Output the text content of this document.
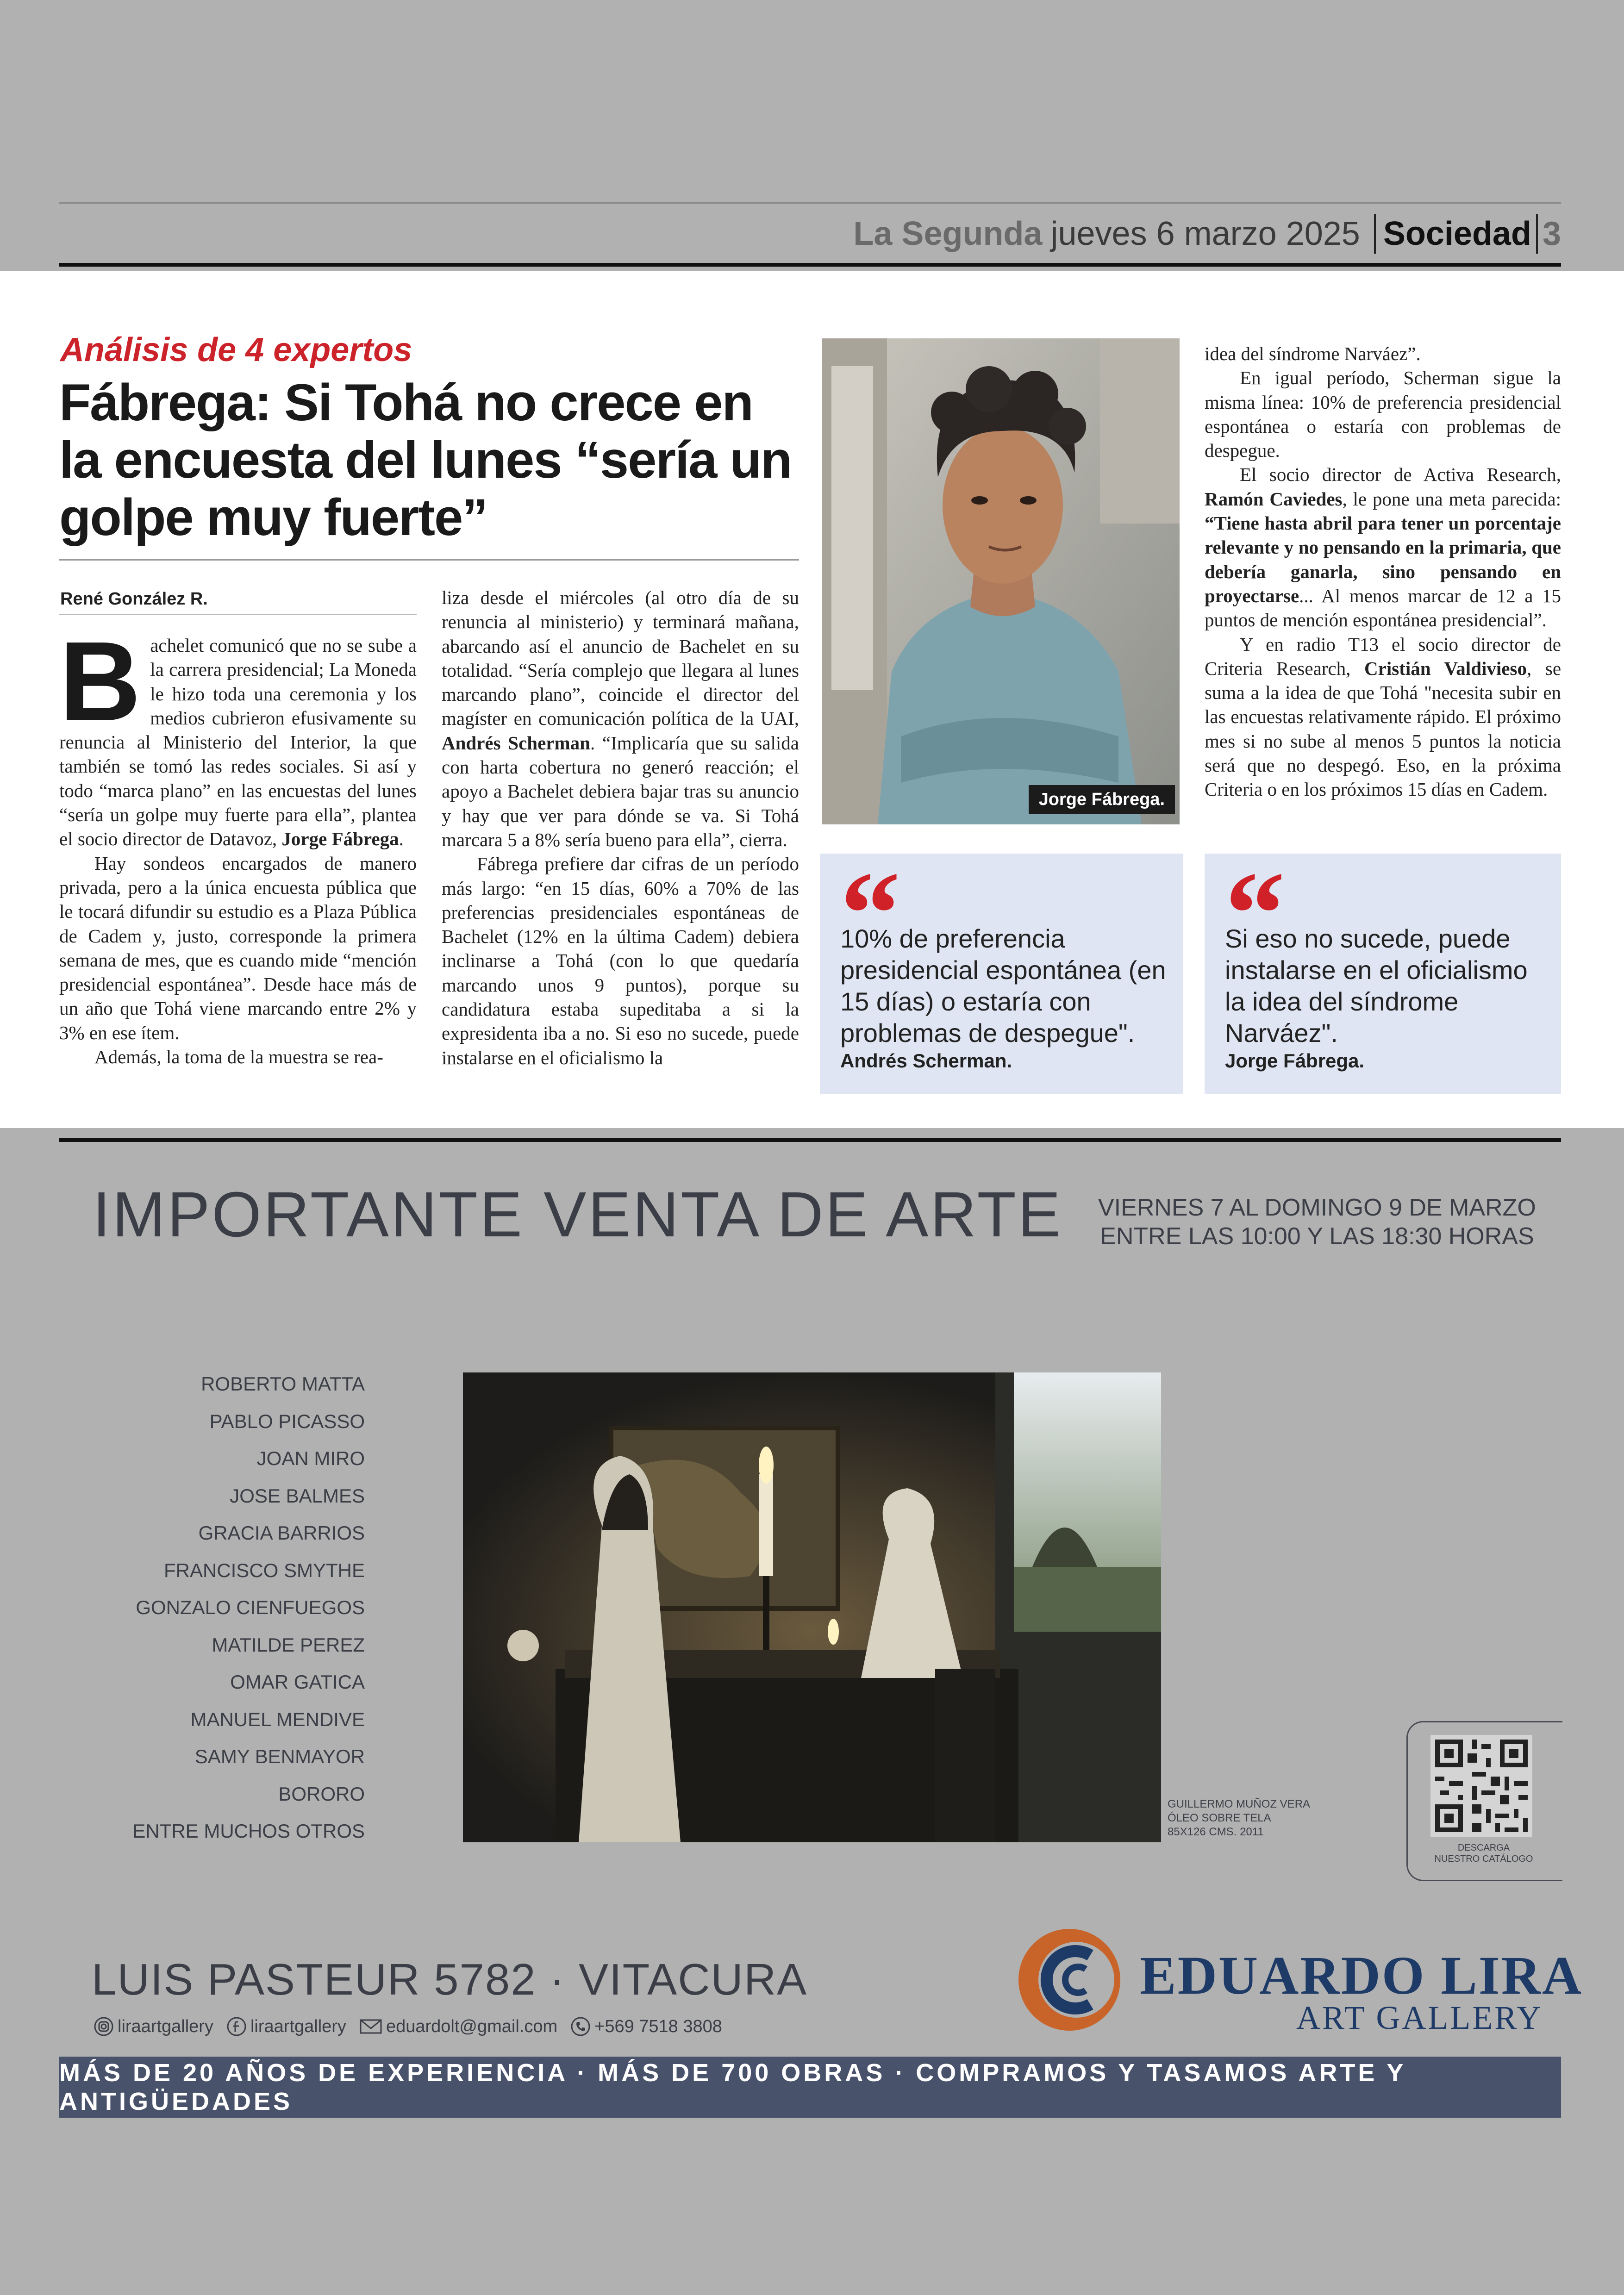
La Segunda jueves 6 marzo 2025 Sociedad 3
Análisis de 4 expertos
Fábrega: Si Tohá no crece en la encuesta del lunes “sería un golpe muy fuerte”
René González R.

Bachelet comunicó que no se sube a la carrera presidencial; La Moneda le hizo toda una ceremonia y los medios cubrieron efusivamente su renuncia al Ministerio del Interior, la que también se tomó las redes sociales. Si así y todo “marca plano” en las encuestas del lunes “sería un golpe muy fuerte para ella”, plantea el socio director de Datavoz, Jorge Fábrega.

Hay sondeos encargados de manero privada, pero a la única encuesta pública que le tocará difundir su estudio es a Plaza Pública de Cadem y, justo, corresponde la primera semana de mes, que es cuando mide “mención presidencial espontánea”. Desde hace más de un año que Tohá viene marcando entre 2% y 3% en ese ítem.

Además, la toma de la muestra se rea-

liza desde el miércoles (al otro día de su renuncia al ministerio) y terminará mañana, abarcando así el anuncio de Bachelet en su totalidad. “Sería complejo que llegara al lunes marcando plano”, coincide el director del magíster en comunicación política de la UAI, Andrés Scherman. “Implicaría que su salida con harta cobertura no generó reacción; el apoyo a Bachelet debiera bajar tras su anuncio y hay que ver para dónde se va. Si Tohá marcara 5 a 8% sería bueno para ella”, cierra.

Fábrega prefiere dar cifras de un período más largo: “en 15 días, 60% a 70% de las preferencias presidenciales espontáneas de Bachelet (12% en la última Cadem) debiera inclinarse a Tohá (con lo que quedaría marcando unos 9 puntos), porque su candidatura estaba supeditaba a si la expresidenta iba a no. Si eso no sucede, puede instalarse en el oficialismo la

Jorge Fábrega.

idea del síndrome Narváez”.

En igual período, Scherman sigue la misma línea: 10% de preferencia presidencial espontánea o estaría con problemas de despegue.

El socio director de Activa Research, Ramón Caviedes, le pone una meta parecida: “Tiene hasta abril para tener un porcentaje relevante y no pensando en la primaria, que debería ganarla, sino pensando en proyectarse... Al menos marcar de 12 a 15 puntos de mención espontánea presidencial”.

Y en radio T13 el socio director de Criteria Research, Cristián Valdivieso, se suma a la idea de que Tohá "necesita subir en las encuestas relativamente rápido. El próximo mes si no sube al menos 5 puntos la noticia será que no despegó. Eso, en la próxima Criteria o en los próximos 15 días en Cadem.

“
10% de preferencia presidencial espontánea (en 15 días) o estaría con problemas de despegue".
Andrés Scherman.
“
Si eso no sucede, puede instalarse en el oficialismo la idea del síndrome Narváez".
Jorge Fábrega.
IMPORTANTE VENTA DE ARTE VIERNES 7 AL DOMINGO 9 DE MARZO
ENTRE LAS 10:00 Y LAS 18:30 HORAS
ROBERTO MATTA
PABLO PICASSO
JOAN MIRO
JOSE BALMES
GRACIA BARRIOS
FRANCISCO SMYTHE
GONZALO CIENFUEGOS
MATILDE PEREZ
OMAR GATICA
MANUEL MENDIVE
SAMY BENMAYOR
BORORO
ENTRE MUCHOS OTROS
GUILLERMO MUÑOZ VERA
ÓLEO SOBRE TELA
85X126 CMS. 2011
DESCARGA
NUESTRO CATÁLOGO
LUIS PASTEUR 5782 · VITACURA
liraartgallery liraartgallery eduardolt@gmail.com +569 7518 3808
EDUARDO LIRA
ART GALLERY
MÁS DE 20 AÑOS DE EXPERIENCIA · MÁS DE 700 OBRAS · COMPRAMOS Y TASAMOS ARTE Y ANTIGÜEDADES
